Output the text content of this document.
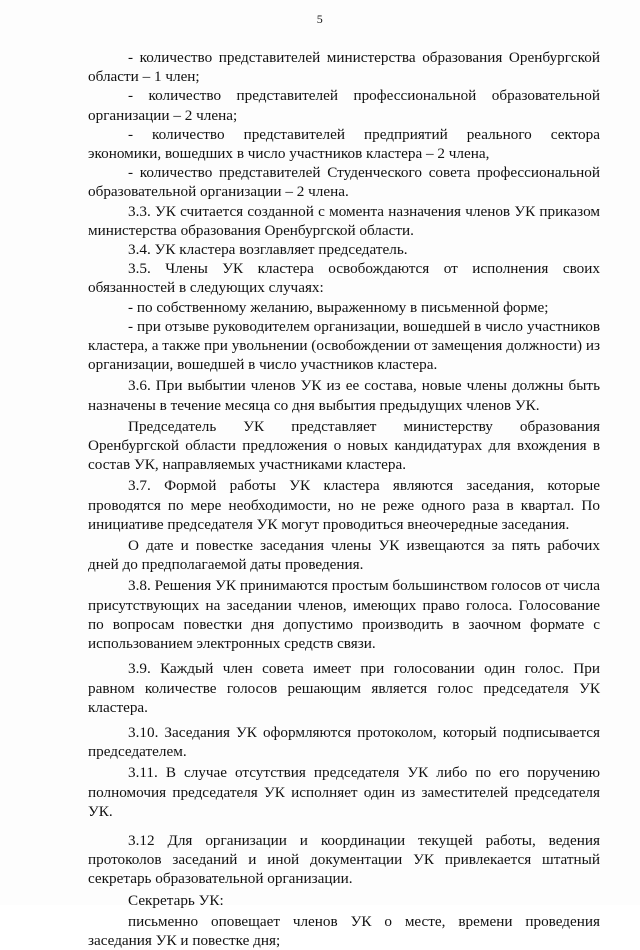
5

- количество представителей министерства образования Оренбургской области – 1 член;

- количество представителей профессиональной образовательной организации – 2 члена;

- количество представителей предприятий реального сектора экономики, вошедших в число участников кластера – 2 члена,

- количество представителей Студенческого совета профессиональной образовательной организации – 2 члена.

3.3. УК считается созданной с момента назначения членов УК приказом министерства образования Оренбургской области.

3.4. УК кластера возглавляет председатель.

3.5. Члены УК кластера освобождаются от исполнения своих обязанностей в следующих случаях:

- по собственному желанию, выраженному в письменной форме;

- при отзыве руководителем организации, вошедшей в число участников кластера, а также при увольнении (освобождении от замещения должности) из организации, вошедшей в число участников кластера.

3.6. При выбытии членов УК из ее состава, новые члены должны быть назначены в течение месяца со дня выбытия предыдущих членов УК.

Председатель УК представляет министерству образования Оренбургской области предложения о новых кандидатурах для вхождения в состав УК, направляемых участниками кластера.

3.7. Формой работы УК кластера являются заседания, которые проводятся по мере необходимости, но не реже одного раза в квартал. По инициативе председателя УК могут проводиться внеочередные заседания.

О дате и повестке заседания члены УК извещаются за пять рабочих дней до предполагаемой даты проведения.

3.8. Решения УК принимаются простым большинством голосов от числа присутствующих на заседании членов, имеющих право голоса. Голосование по вопросам повестки дня допустимо производить в заочном формате с использованием электронных средств связи.

3.9. Каждый член совета имеет при голосовании один голос. При равном количестве голосов решающим является голос председателя УК кластера.

3.10. Заседания УК оформляются протоколом, который подписывается председателем.

3.11. В случае отсутствия председателя УК либо по его поручению полномочия председателя УК исполняет один из заместителей председателя УК.

3.12 Для организации и координации текущей работы, ведения протоколов заседаний и иной документации УК привлекается штатный секретарь образовательной организации.

Секретарь УК:

письменно оповещает членов УК о месте, времени проведения заседания УК и повестке дня;
